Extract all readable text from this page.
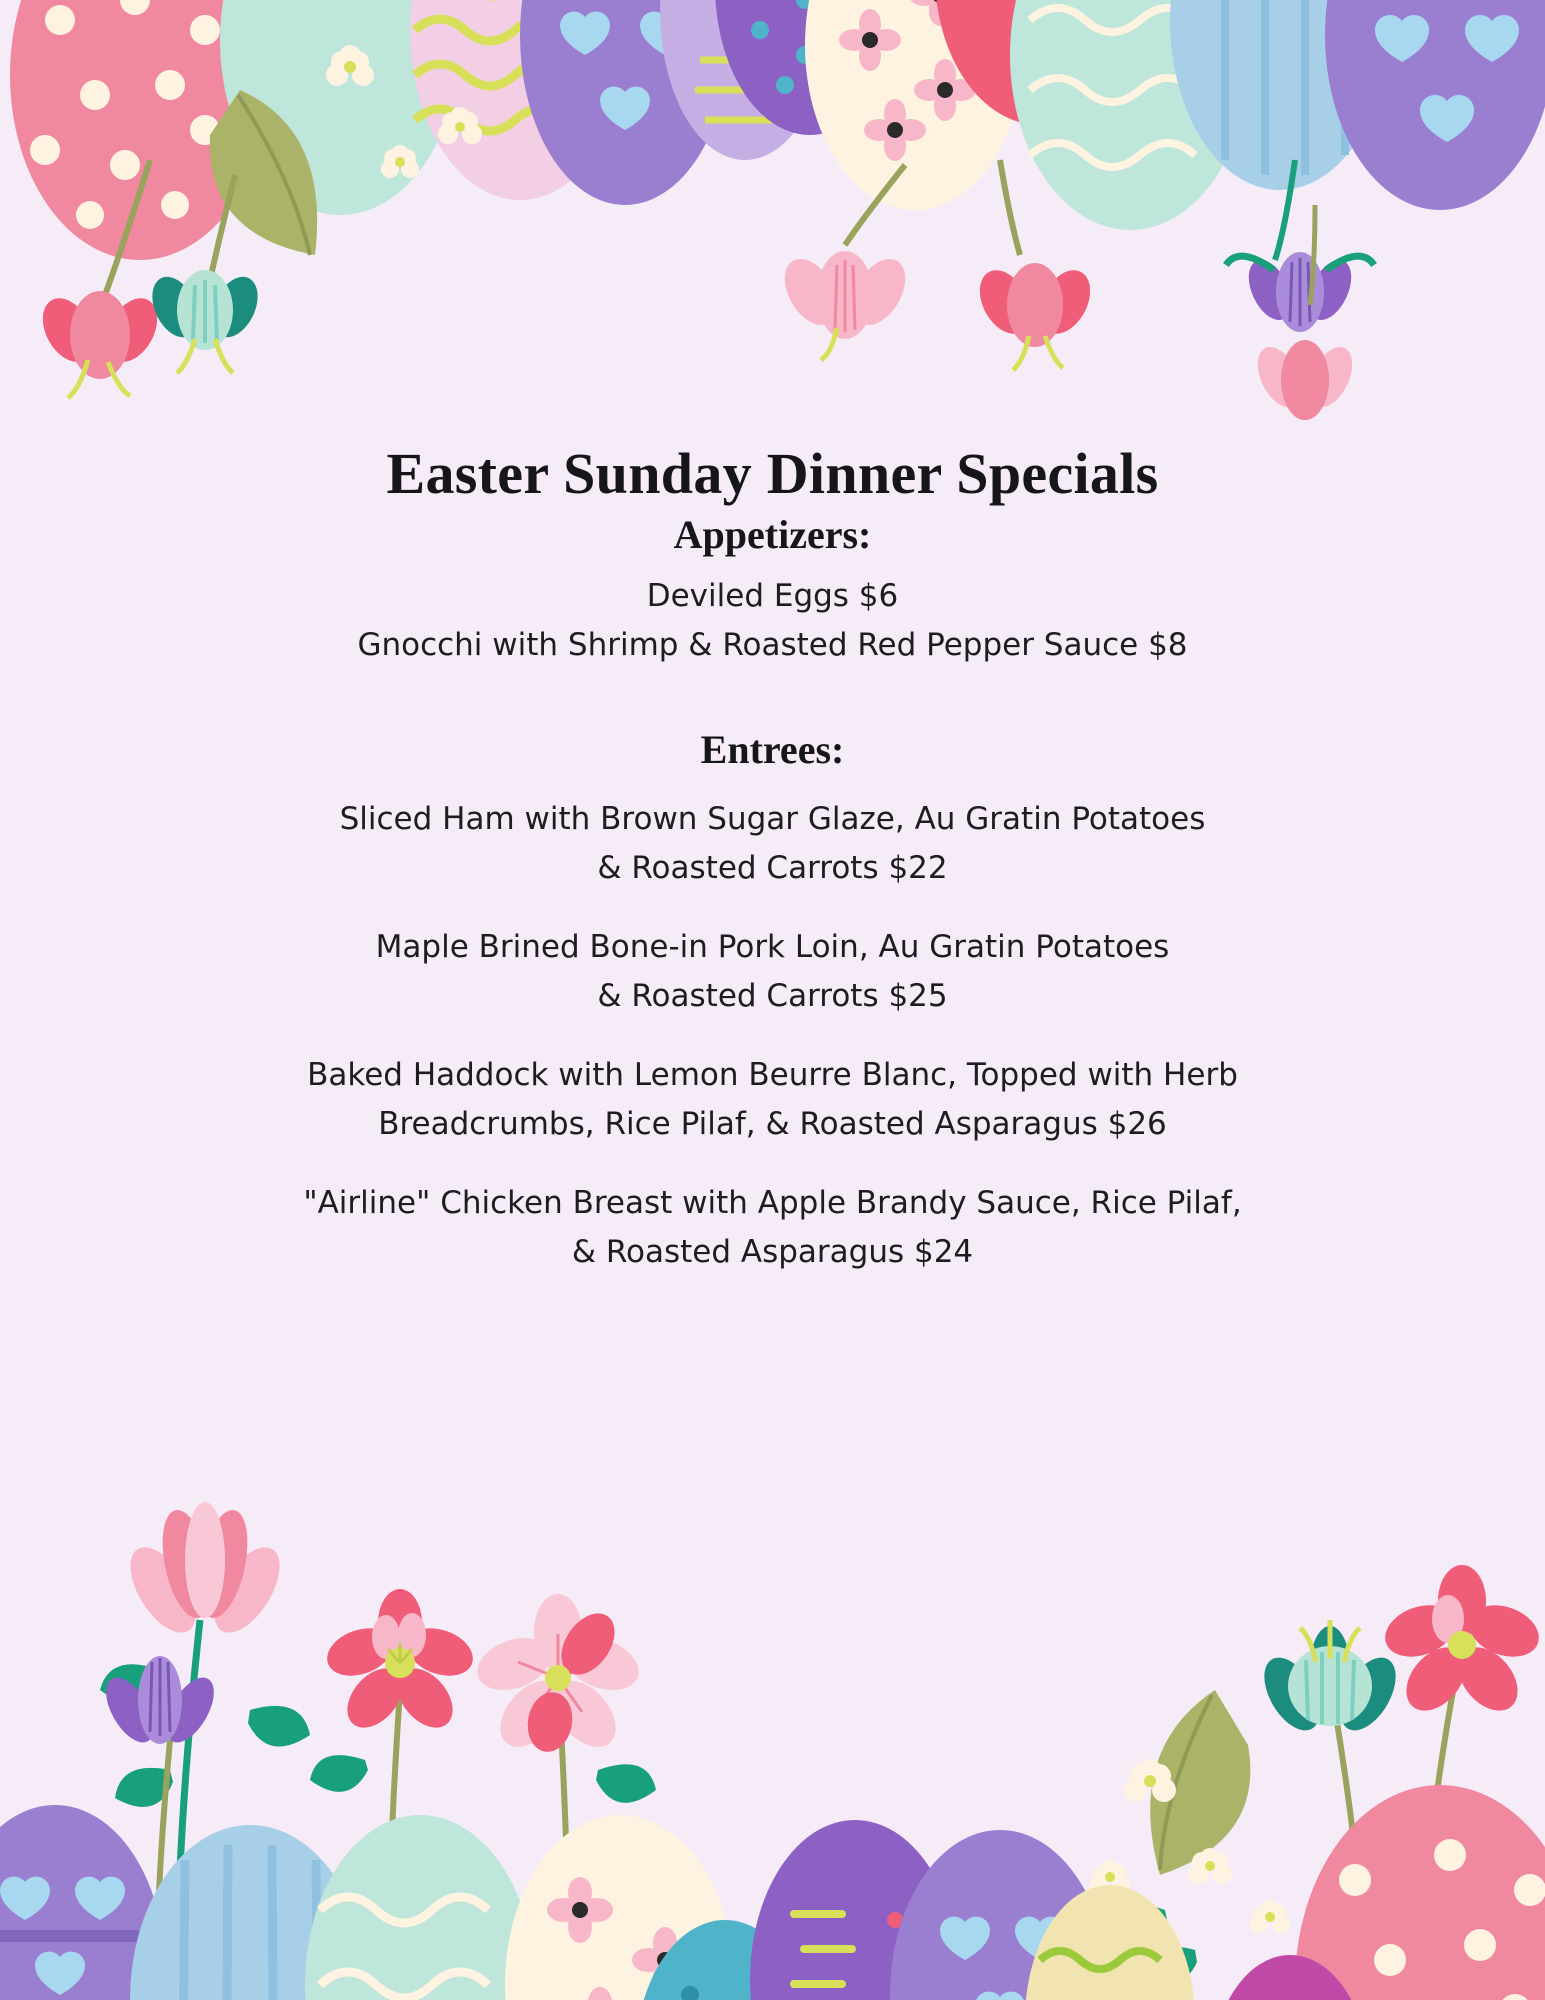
Easter Sunday Dinner Specials
Appetizers:

Deviled Eggs $6

Gnocchi with Shrimp & Roasted Red Pepper Sauce $8

Entrees:

Sliced Ham with Brown Sugar Glaze, Au Gratin Potatoes

& Roasted Carrots $22

Maple Brined Bone-in Pork Loin, Au Gratin Potatoes

& Roasted Carrots $25

Baked Haddock with Lemon Beurre Blanc, Topped with Herb

Breadcrumbs, Rice Pilaf, & Roasted Asparagus $26

"Airline" Chicken Breast with Apple Brandy Sauce, Rice Pilaf,

& Roasted Asparagus $24
